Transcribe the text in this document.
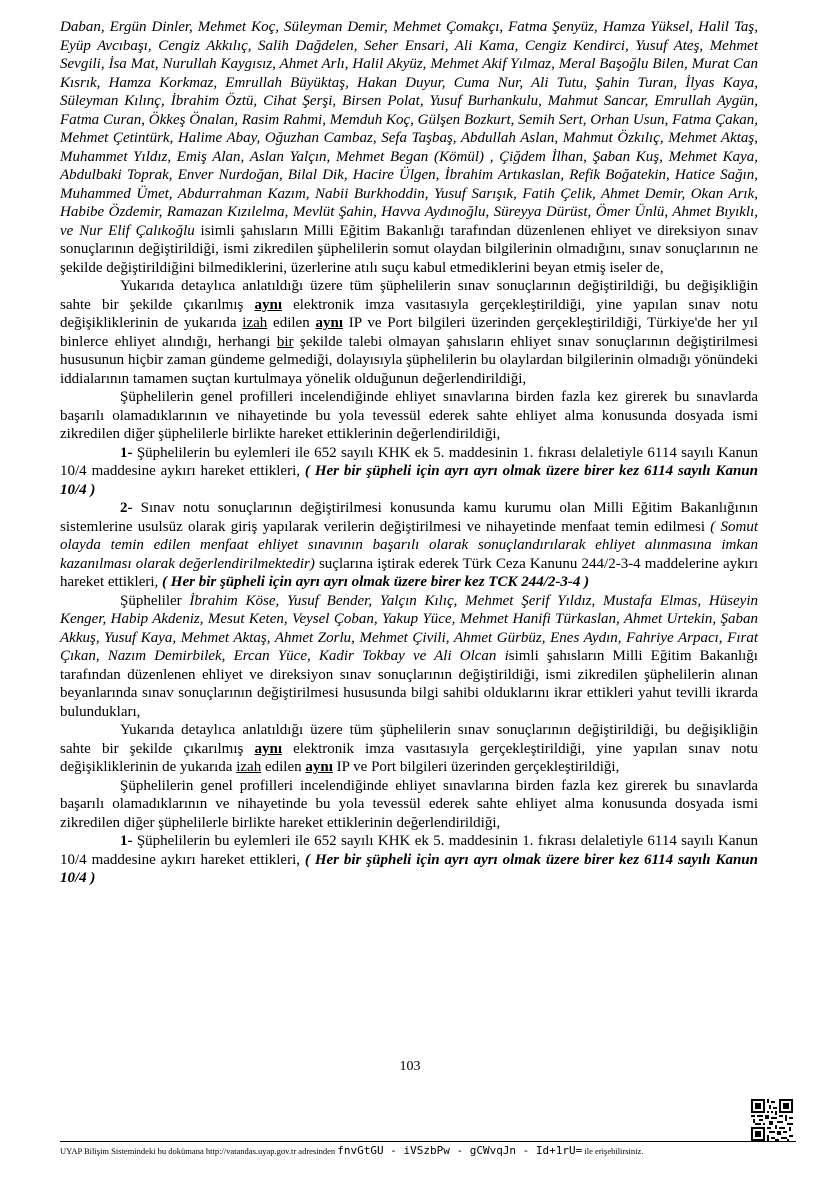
Daban, Ergün Dinler, Mehmet Koç, Süleyman Demir, Mehmet Çomakçı, Fatma Şenyüz, Hamza Yüksel, Halil Taş, Eyüp Avcıbaşı, Cengiz Akkılıç, Salih Dağdelen, Seher Ensari, Ali Kama, Cengiz Kendirci, Yusuf Ateş, Mehmet Sevgili, İsa Mat, Nurullah Kaygısız, Ahmet Arlı, Halil Akyüz, Mehmet Akif Yılmaz, Meral Başoğlu Bilen, Murat Can Kısrık, Hamza Korkmaz, Emrullah Büyüktaş, Hakan Duyur, Cuma Nur, Ali Tutu, Şahin Turan, İlyas Kaya, Süleyman Kılınç, İbrahim Öztü, Cihat Şerşi, Birsen Polat, Yusuf Burhankulu, Mahmut Sancar, Emrullah Aygün, Fatma Curan, Ökkeş Önalan, Rasim Rahmi, Memduh Koç, Gülşen Bozkurt, Semih Sert, Orhan Usun, Fatma Çakan, Mehmet Çetintürk, Halime Abay, Oğuzhan Cambaz, Sefa Taşbaş, Abdullah Aslan, Mahmut Özkılıç, Mehmet Aktaş, Muhammet Yıldız, Emiş Alan, Aslan Yalçın, Mehmet Began (Kömül) , Çiğdem İlhan, Şaban Kuş, Mehmet Kaya, Abdulbaki Toprak, Enver Nurdoğan, Bilal Dik, Hacire Ülgen, İbrahim Artıkaslan, Refik Boğatekin, Hatice Sağın, Muhammed Ümet, Abdurrahman Kazım, Nabii Burkhoddin, Yusuf Sarışık, Fatih Çelik, Ahmet Demir, Okan Arık, Habibe Özdemir, Ramazan Kızılelma, Mevlüt Şahin, Havva Aydınoğlu, Süreyya Dürüst, Ömer Ünlü, Ahmet Bıyıklı, ve Nur Elif Çalıkoğlu isimli şahısların Milli Eğitim Bakanlığı tarafından düzenlenen ehliyet ve direksiyon sınav sonuçlarının değiştirildiği, ismi zikredilen şüphelilerin somut olaydan bilgilerinin olmadığını, sınav sonuçlarının ne şekilde değiştirildiğini bilmediklerini, üzerlerine atılı suçu kabul etmediklerini beyan etmiş iseler de,

Yukarıda detaylıca anlatıldığı üzere tüm şüphelilerin sınav sonuçlarının değiştirildiği, bu değişikliğin sahte bir şekilde çıkarılmış aynı elektronik imza vasıtasıyla gerçekleştirildiği, yine yapılan sınav notu değişikliklerinin de yukarıda izah edilen aynı IP ve Port bilgileri üzerinden gerçekleştirildiği, Türkiye'de her yıl binlerce ehliyet alındığı, herhangi bir şekilde talebi olmayan şahısların ehliyet sınav sonuçlarının değiştirilmesi hususunun hiçbir zaman gündeme gelmediği, dolayısıyla şüphelilerin bu olaylardan bilgilerinin olmadığı yönündeki iddialarının tamamen suçtan kurtulmaya yönelik olduğunun değerlendirildiği,

Şüphelilerin genel profilleri incelendiğinde ehliyet sınavlarına birden fazla kez girerek bu sınavlarda başarılı olamadıklarının ve nihayetinde bu yola tevessül ederek sahte ehliyet alma konusunda dosyada ismi zikredilen diğer şüphelilerle birlikte hareket ettiklerinin değerlendirildiği,

1- Şüphelilerin bu eylemleri ile 652 sayılı KHK ek 5. maddesinin 1. fıkrası delaletiyle 6114 sayılı Kanun 10/4 maddesine aykırı hareket ettikleri, ( Her bir şüpheli için ayrı ayrı olmak üzere birer kez 6114 sayılı Kanun 10/4 )

2- Sınav notu sonuçlarının değiştirilmesi konusunda kamu kurumu olan Milli Eğitim Bakanlığının sistemlerine usulsüz olarak giriş yapılarak verilerin değiştirilmesi ve nihayetinde menfaat temin edilmesi ( Somut olayda temin edilen menfaat ehliyet sınavının başarılı olarak sonuçlandırılarak ehliyet alınmasına imkan kazanılması olarak değerlendirilmektedir) suçlarına iştirak ederek Türk Ceza Kanunu 244/2-3-4 maddelerine aykırı hareket ettikleri, ( Her bir şüpheli için ayrı ayrı olmak üzere birer kez TCK 244/2-3-4 )

Şüpheliler İbrahim Köse, Yusuf Bender, Yalçın Kılıç, Mehmet Şerif Yıldız, Mustafa Elmas, Hüseyin Kenger, Habip Akdeniz, Mesut Keten, Veysel Çoban, Yakup Yüce, Mehmet Hanifi Türkaslan, Ahmet Urtekin, Şaban Akkuş, Yusuf Kaya, Mehmet Aktaş, Ahmet Zorlu, Mehmet Çivili, Ahmet Gürbüz, Enes Aydın, Fahriye Arpacı, Fırat Çıkan, Nazım Demirbilek, Ercan Yüce, Kadir Tokbay ve Ali Olcan isimli şahısların Milli Eğitim Bakanlığı tarafından düzenlenen ehliyet ve direksiyon sınav sonuçlarının değiştirildiği, ismi zikredilen şüphelilerin alınan beyanlarında sınav sonuçlarının değiştirilmesi hususunda bilgi sahibi olduklarını ikrar ettikleri yahut tevilli ikrarda bulundukları,

Yukarıda detaylıca anlatıldığı üzere tüm şüphelilerin sınav sonuçlarının değiştirildiği, bu değişikliğin sahte bir şekilde çıkarılmış aynı elektronik imza vasıtasıyla gerçekleştirildiği, yine yapılan sınav notu değişikliklerinin de yukarıda izah edilen aynı IP ve Port bilgileri üzerinden gerçekleştirildiği,

Şüphelilerin genel profilleri incelendiğinde ehliyet sınavlarına birden fazla kez girerek bu sınavlarda başarılı olamadıklarının ve nihayetinde bu yola tevessül ederek sahte ehliyet alma konusunda dosyada ismi zikredilen diğer şüphelilerle birlikte hareket ettiklerinin değerlendirildiği,

1- Şüphelilerin bu eylemleri ile 652 sayılı KHK ek 5. maddesinin 1. fıkrası delaletiyle 6114 sayılı Kanun 10/4 maddesine aykırı hareket ettikleri, ( Her bir şüpheli için ayrı ayrı olmak üzere birer kez 6114 sayılı Kanun 10/4 )

103
UYAP Bilişim Sistemindeki bu dokümana http://vatandas.uyap.gov.tr adresinden fnvGtGU - iVSzbPw - gCWvqJn - Id+1rU= ile erişebilirsiniz.
